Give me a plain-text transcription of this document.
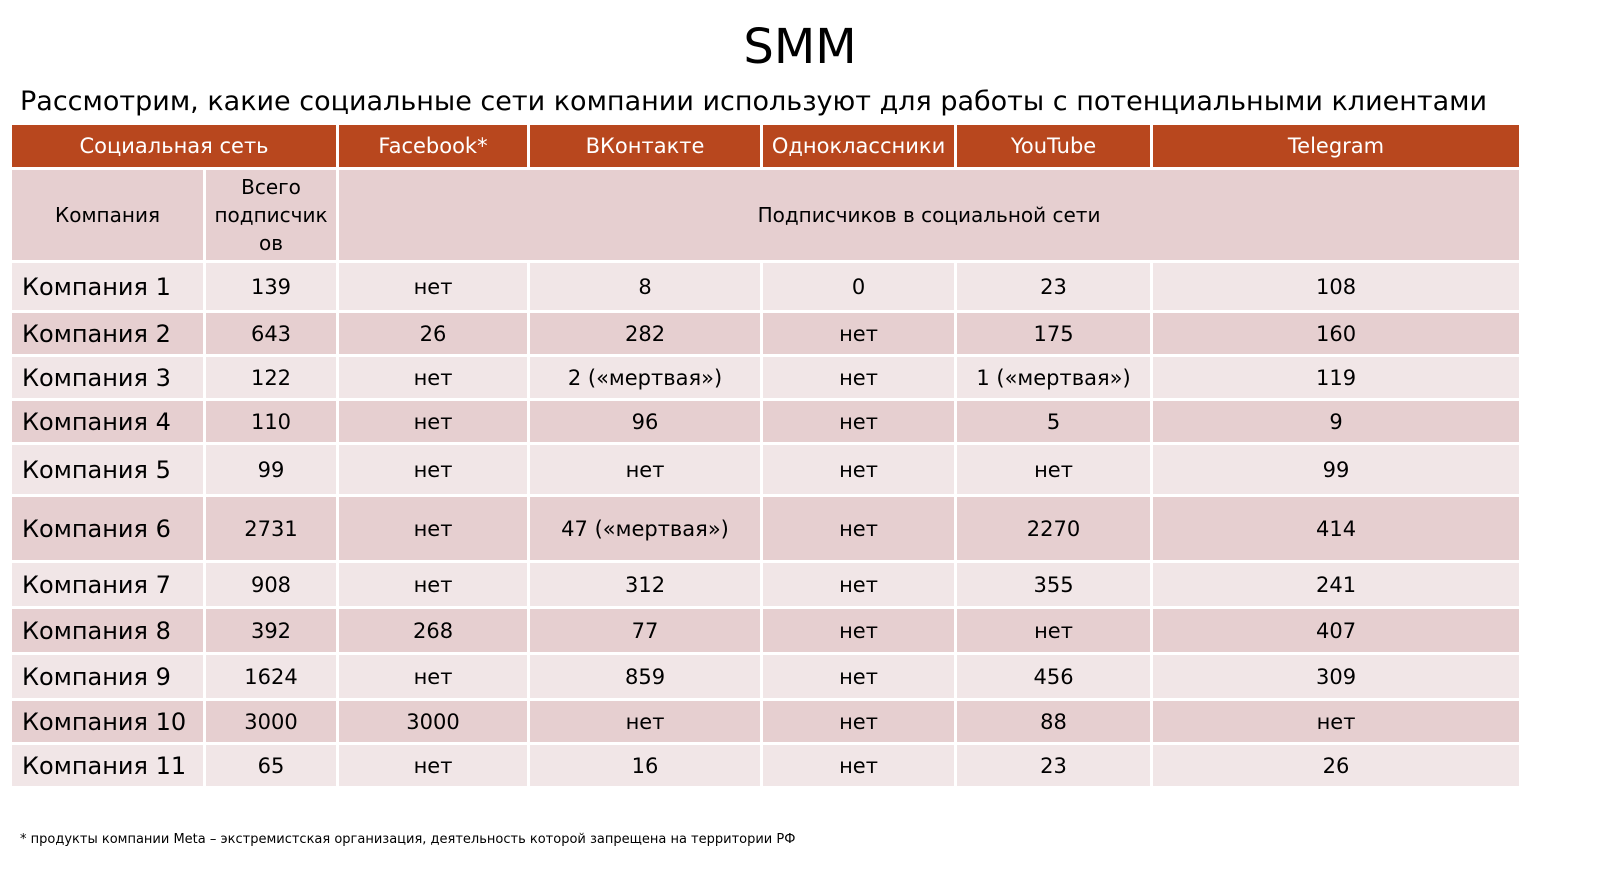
SMM
Рассмотрим, какие социальные сети компании используют для работы с потенциальными клиентами
Социальная сеть		Facebook*	ВКонтакте	Одноклассники	YouTube	Telegram
Компания	Всего
подписчик
ов	Подписчиков в социальной сети				
Компания 1	139	нет	8	0	23	108
Компания 2	643	26	282	нет	175	160
Компания 3	122	нет	2 («мертвая»)	нет	1 («мертвая»)	119
Компания 4	110	нет	96	нет	5	9
Компания 5	99	нет	нет	нет	нет	99
Компания 6	2731	нет	47 («мертвая»)	нет	2270	414
Компания 7	908	нет	312	нет	355	241
Компания 8	392	268	77	нет	нет	407
Компания 9	1624	нет	859	нет	456	309
Компания 10	3000	3000	нет	нет	88	нет
Компания 11	65	нет	16	нет	23	26
* продукты компании Meta – экстремистская организация, деятельность которой запрещена на территории РФ
